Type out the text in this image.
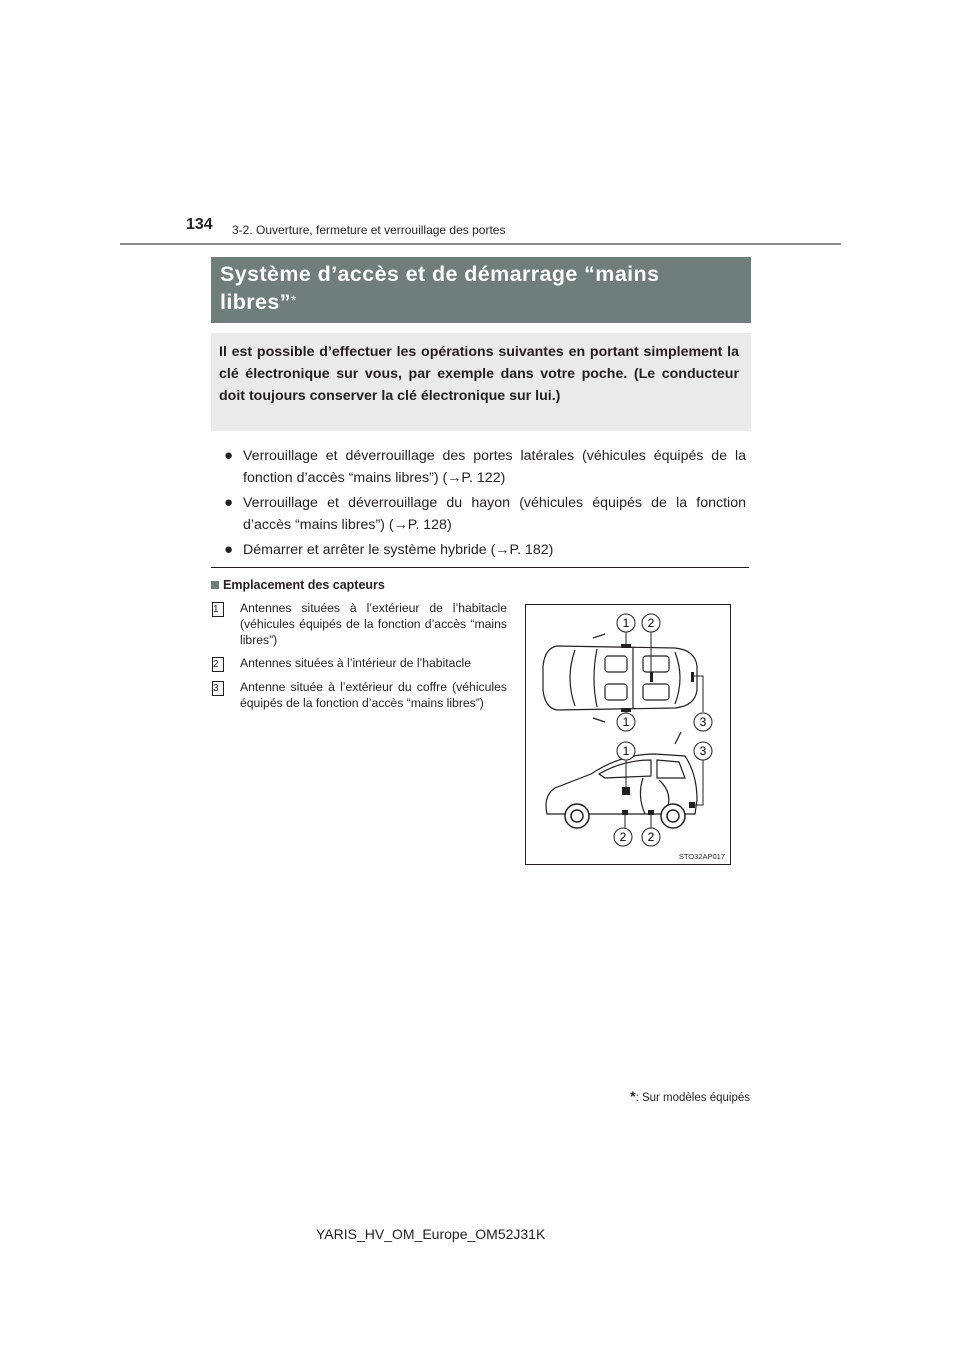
134 3-2. Ouverture, fermeture et verrouillage des portes
Système d’accès et de démarrage “mains libres”*
Il est possible d’effectuer les opérations suivantes en portant simplement la clé électronique sur vous, par exemple dans votre poche. (Le conducteur doit toujours conserver la clé électronique sur lui.)
● Verrouillage et déverrouillage des portes latérales (véhicules équipés de la fonction d’accès “mains libres”) (→P. 122)
● Verrouillage et déverrouillage du hayon (véhicules équipés de la fonction d’accès “mains libres”) (→P. 128)
● Démarrer et arrêter le système hybride (→P. 182)
Emplacement des capteurs
1	Antennes situées à l’extérieur de l’habitacle (véhicules équipés de la fonction d’accès “mains libres”)
2	Antennes situées à l’intérieur de l’habitacle
3	Antenne située à l’extérieur du coffre (véhicules équipés de la fonction d’accès “mains libres”)
1 2
1	3
1	3
2 2
STO32AP017
*: Sur modèles équipés
YARIS_HV_OM_Europe_OM52J31K
